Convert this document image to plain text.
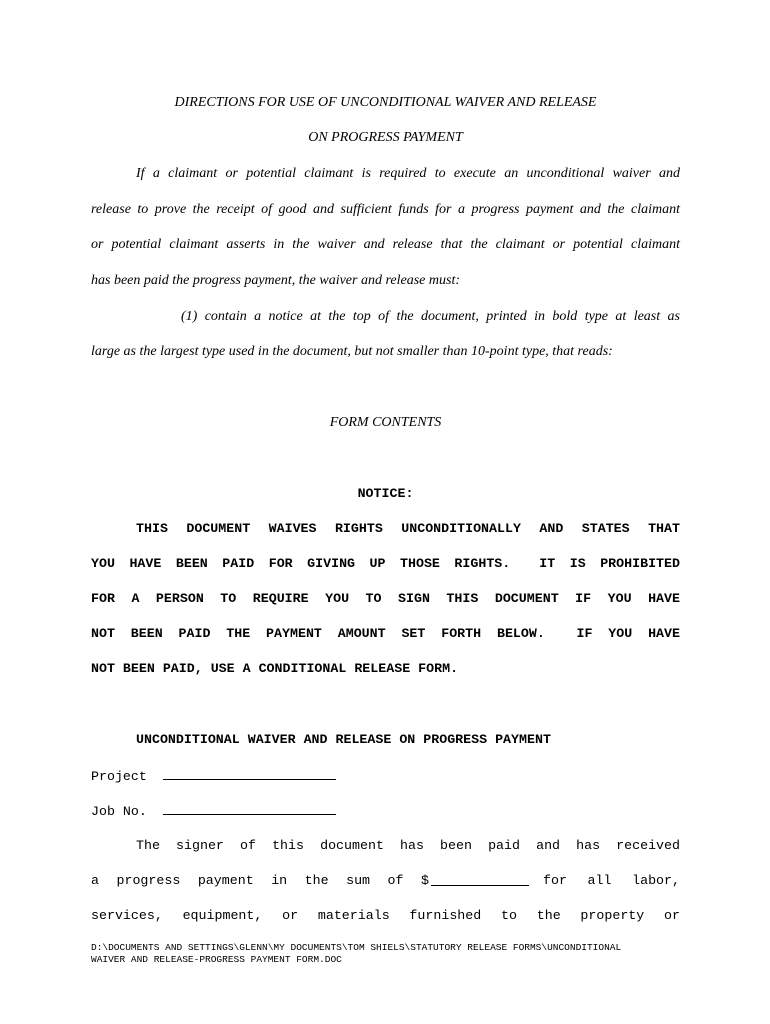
DIRECTIONS FOR USE OF UNCONDITIONAL WAIVER AND RELEASE
ON PROGRESS PAYMENT
If a claimant or potential claimant is required to execute an unconditional waiver and
release to prove the receipt of good and sufficient funds for a progress payment and the claimant
or potential claimant asserts in the waiver and release that the claimant or potential claimant
has been paid the progress payment, the waiver and release must:
(1) contain a notice at the top of the document, printed in bold type at least as
large as the largest type used in the document, but not smaller than 10-point type, that reads:
FORM CONTENTS
NOTICE:
THIS DOCUMENT WAIVES RIGHTS UNCONDITIONALLY AND STATES THAT
YOU HAVE BEEN PAID FOR GIVING UP THOSE RIGHTS.  IT IS PROHIBITED
FOR A PERSON TO REQUIRE YOU TO SIGN THIS DOCUMENT IF YOU HAVE
NOT BEEN PAID THE PAYMENT AMOUNT SET FORTH BELOW.  IF YOU HAVE
NOT BEEN PAID, USE A CONDITIONAL RELEASE FORM.
UNCONDITIONAL WAIVER AND RELEASE ON PROGRESS PAYMENT
Project
Job No.
The signer of this document has been paid and has received
a progress payment in the sum of $	for all labor,
services, equipment, or materials furnished to the property or
D:\DOCUMENTS AND SETTINGS\GLENN\MY DOCUMENTS\TOM SHIELS\STATUTORY RELEASE FORMS\UNCONDITIONAL
WAIVER AND RELEASE-PROGRESS PAYMENT FORM.DOC
